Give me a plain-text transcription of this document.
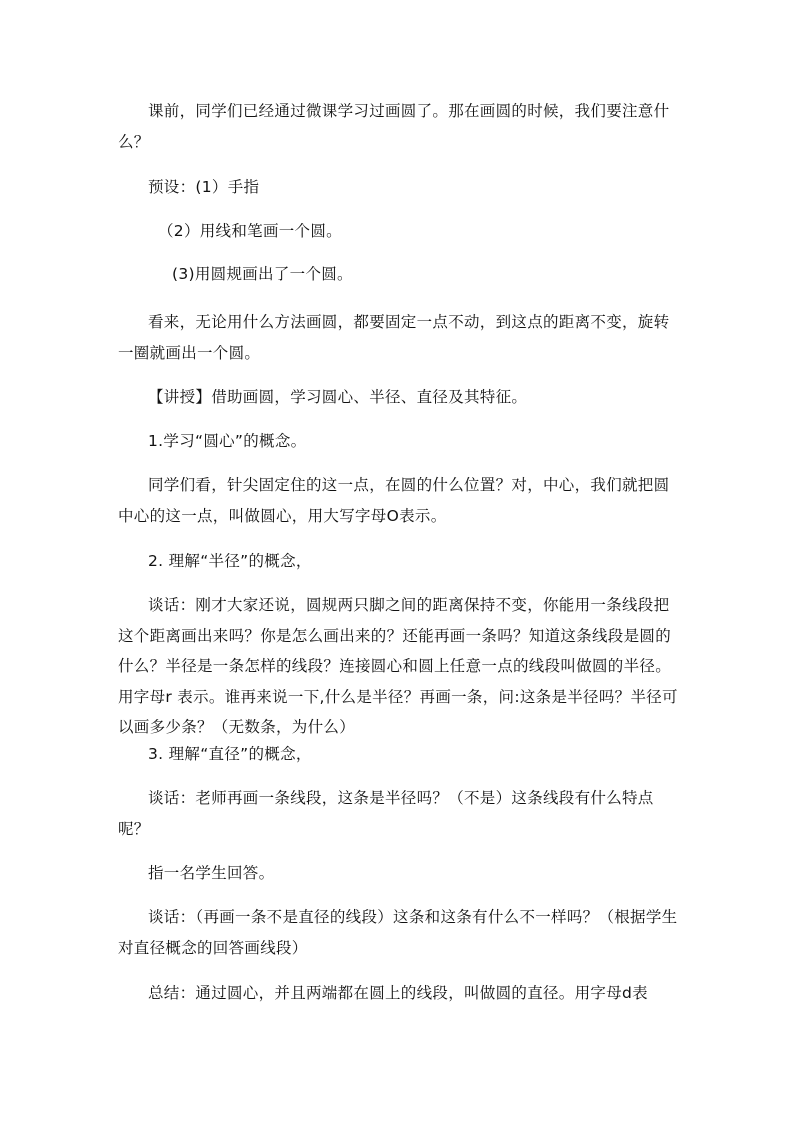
课前，同学们已经通过微课学习过画圆了。那在画圆的时候，我们要注意什么？

预设：(1）手指

（2）用线和笔画一个圆。

(3)用圆规画出了一个圆。

看来，无论用什么方法画圆，都要固定一点不动，到这点的距离不变，旋转一圈就画出一个圆。

【讲授】借助画圆，学习圆心、半径、直径及其特征。

1.学习“圆心”的概念。

同学们看，针尖固定住的这一点，在圆的什么位置？对，中心，我们就把圆中心的这一点，叫做圆心，用大写字母O表示。

2. 理解“半径”的概念，

谈话：刚才大家还说，圆规两只脚之间的距离保持不变，你能用一条线段把这个距离画出来吗？你是怎么画出来的？还能再画一条吗？知道这条线段是圆的什么？半径是一条怎样的线段？连接圆心和圆上任意一点的线段叫做圆的半径。用字母r 表示。谁再来说一下,什么是半径？再画一条，问:这条是半径吗？半径可以画多少条？（无数条，为什么）

3. 理解“直径”的概念，

谈话：老师再画一条线段，这条是半径吗？（不是）这条线段有什么特点呢？

指一名学生回答。

谈话：（再画一条不是直径的线段）这条和这条有什么不一样吗？（根据学生对直径概念的回答画线段）

总结：通过圆心，并且两端都在圆上的线段，叫做圆的直径。用字母d表
